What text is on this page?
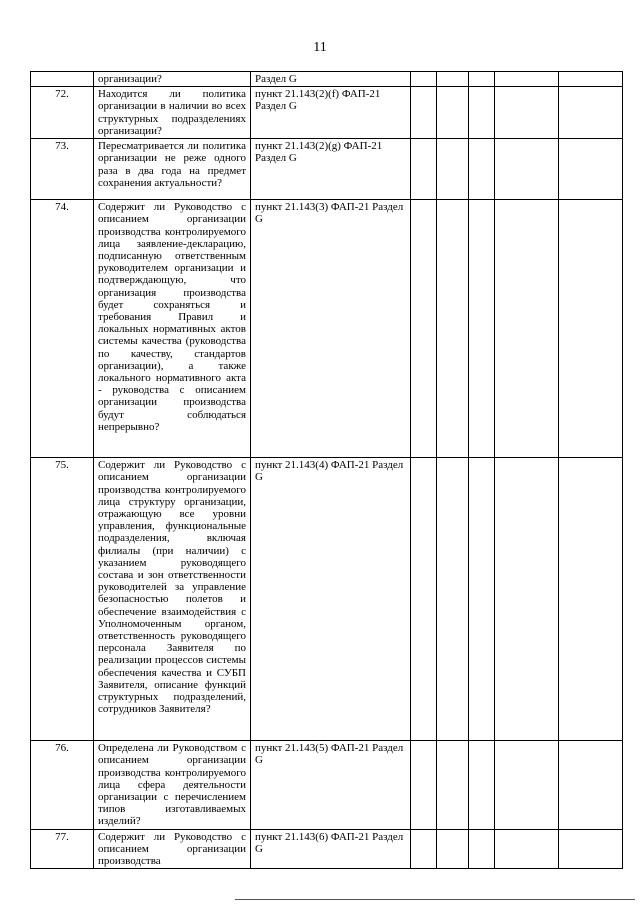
11
	организации?	Раздел G					
72.	Находится ли политика организации в наличии во всех структурных подразделениях организации?	пункт 21.143(2)(f) ФАП-21 Раздел G					
73.	Пересматривается ли политика организации не реже одного раза в два года на предмет сохранения актуальности?	пункт 21.143(2)(g) ФАП-21 Раздел G					
74.	Содержит ли Руководство с описанием организации производства контролируемого лица заявление-декларацию, подписанную ответственным руководителем организации и подтверждающую, что организация производства будет сохраняться и требования Правил и локальных нормативных актов системы качества (руководства по качеству, стандартов организации), а также локального нормативного акта - руководства с описанием организации производства будут соблюдаться непрерывно?	пункт 21.143(3) ФАП-21 Раздел G					
75.	Содержит ли Руководство с описанием организации производства контролируемого лица структуру организации, отражающую все уровни управления, функциональные подразделения, включая филиалы (при наличии) с указанием руководящего состава и зон ответственности руководителей за управление безопасностью полетов и обеспечение взаимодействия с Уполномоченным органом, ответственность руководящего персонала Заявителя по реализации процессов системы обеспечения качества и СУБП Заявителя, описание функций структурных подразделений, сотрудников Заявителя?	пункт 21.143(4) ФАП-21 Раздел G					
76.	Определена ли Руководством с описанием организации производства контролируемого лица сфера деятельности организации с перечислением типов изготавливаемых изделий?	пункт 21.143(5) ФАП-21 Раздел G					
77.	Содержит ли Руководство с описанием организации производства	пункт 21.143(6) ФАП-21 Раздел G					
